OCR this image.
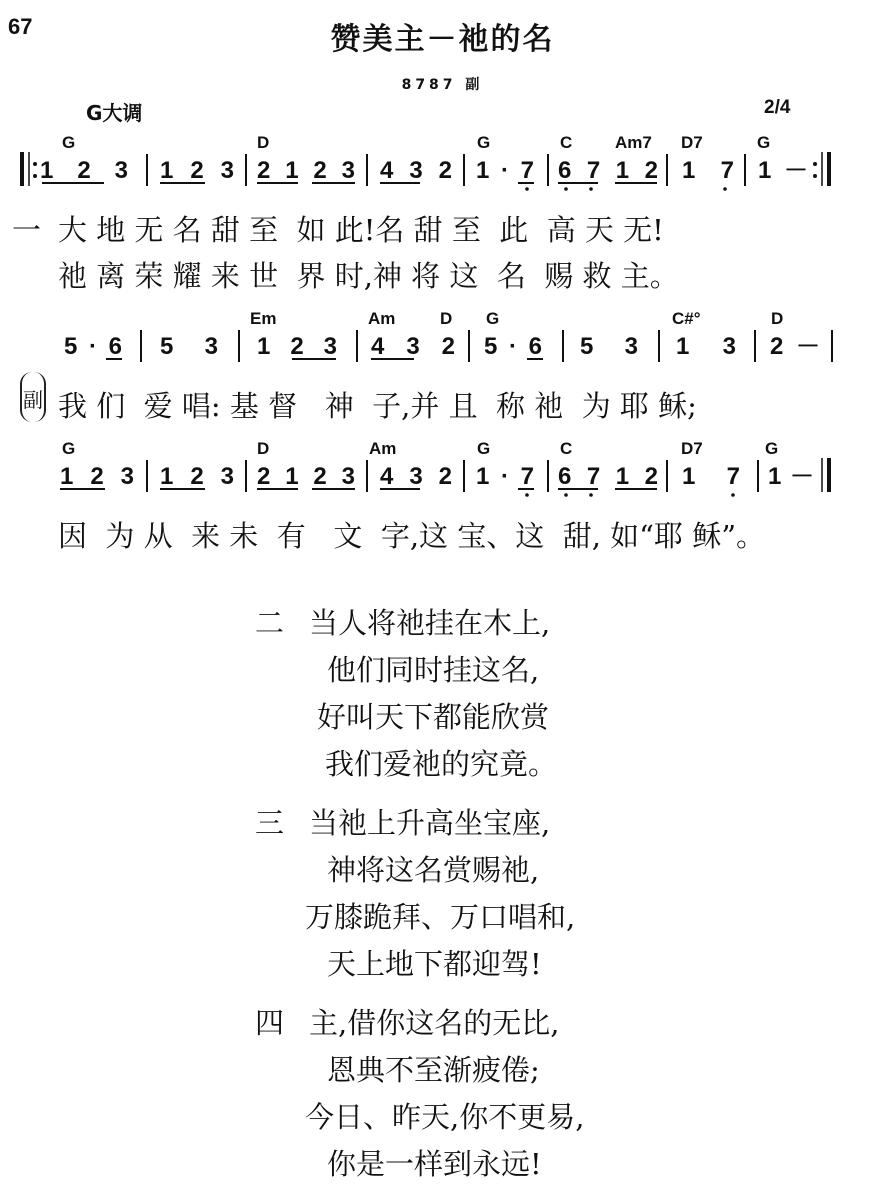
67	赞美主－祂的名
8787 副
G大调	2/4
G	D	G	C	Am7 D7	G
1 2 3 1 2 3 2 1 2 3 4 3 2 1 · 7 6 7 1 2 1 7 1 －
一 大 地 无 名 甜 至  如 此!名 甜 至  此  高 天 无!
祂 离 荣 耀 来 世  界 时,神 将 这  名  赐 救 主。
Em	Am	D G	C#°	D
5 · 6 5 3 1 2 3 4 3 2 5 · 6 5 3 1 3 2 －
副 我 们  爱 唱: 基 督   神  子,并 且  称 祂  为 耶 稣;
G	D	Am	G	C	D7	G
1 2 3 1 2 3 2 1 2 3 4 3 2 1 · 7 6 7 1 2 1 7 1 －
因  为 从  来 未  有   文  字,这 宝、这  甜, 如“耶 稣”。
二 当人将祂挂在木上,
他们同时挂这名,
好叫天下都能欣赏
我们爱祂的究竟。
三 当祂上升高坐宝座,
神将这名赏赐祂,
万膝跪拜、万口唱和,
天上地下都迎驾!
四 主,借你这名的无比,
恩典不至渐疲倦;
今日、昨天,你不更易,
你是一样到永远!
